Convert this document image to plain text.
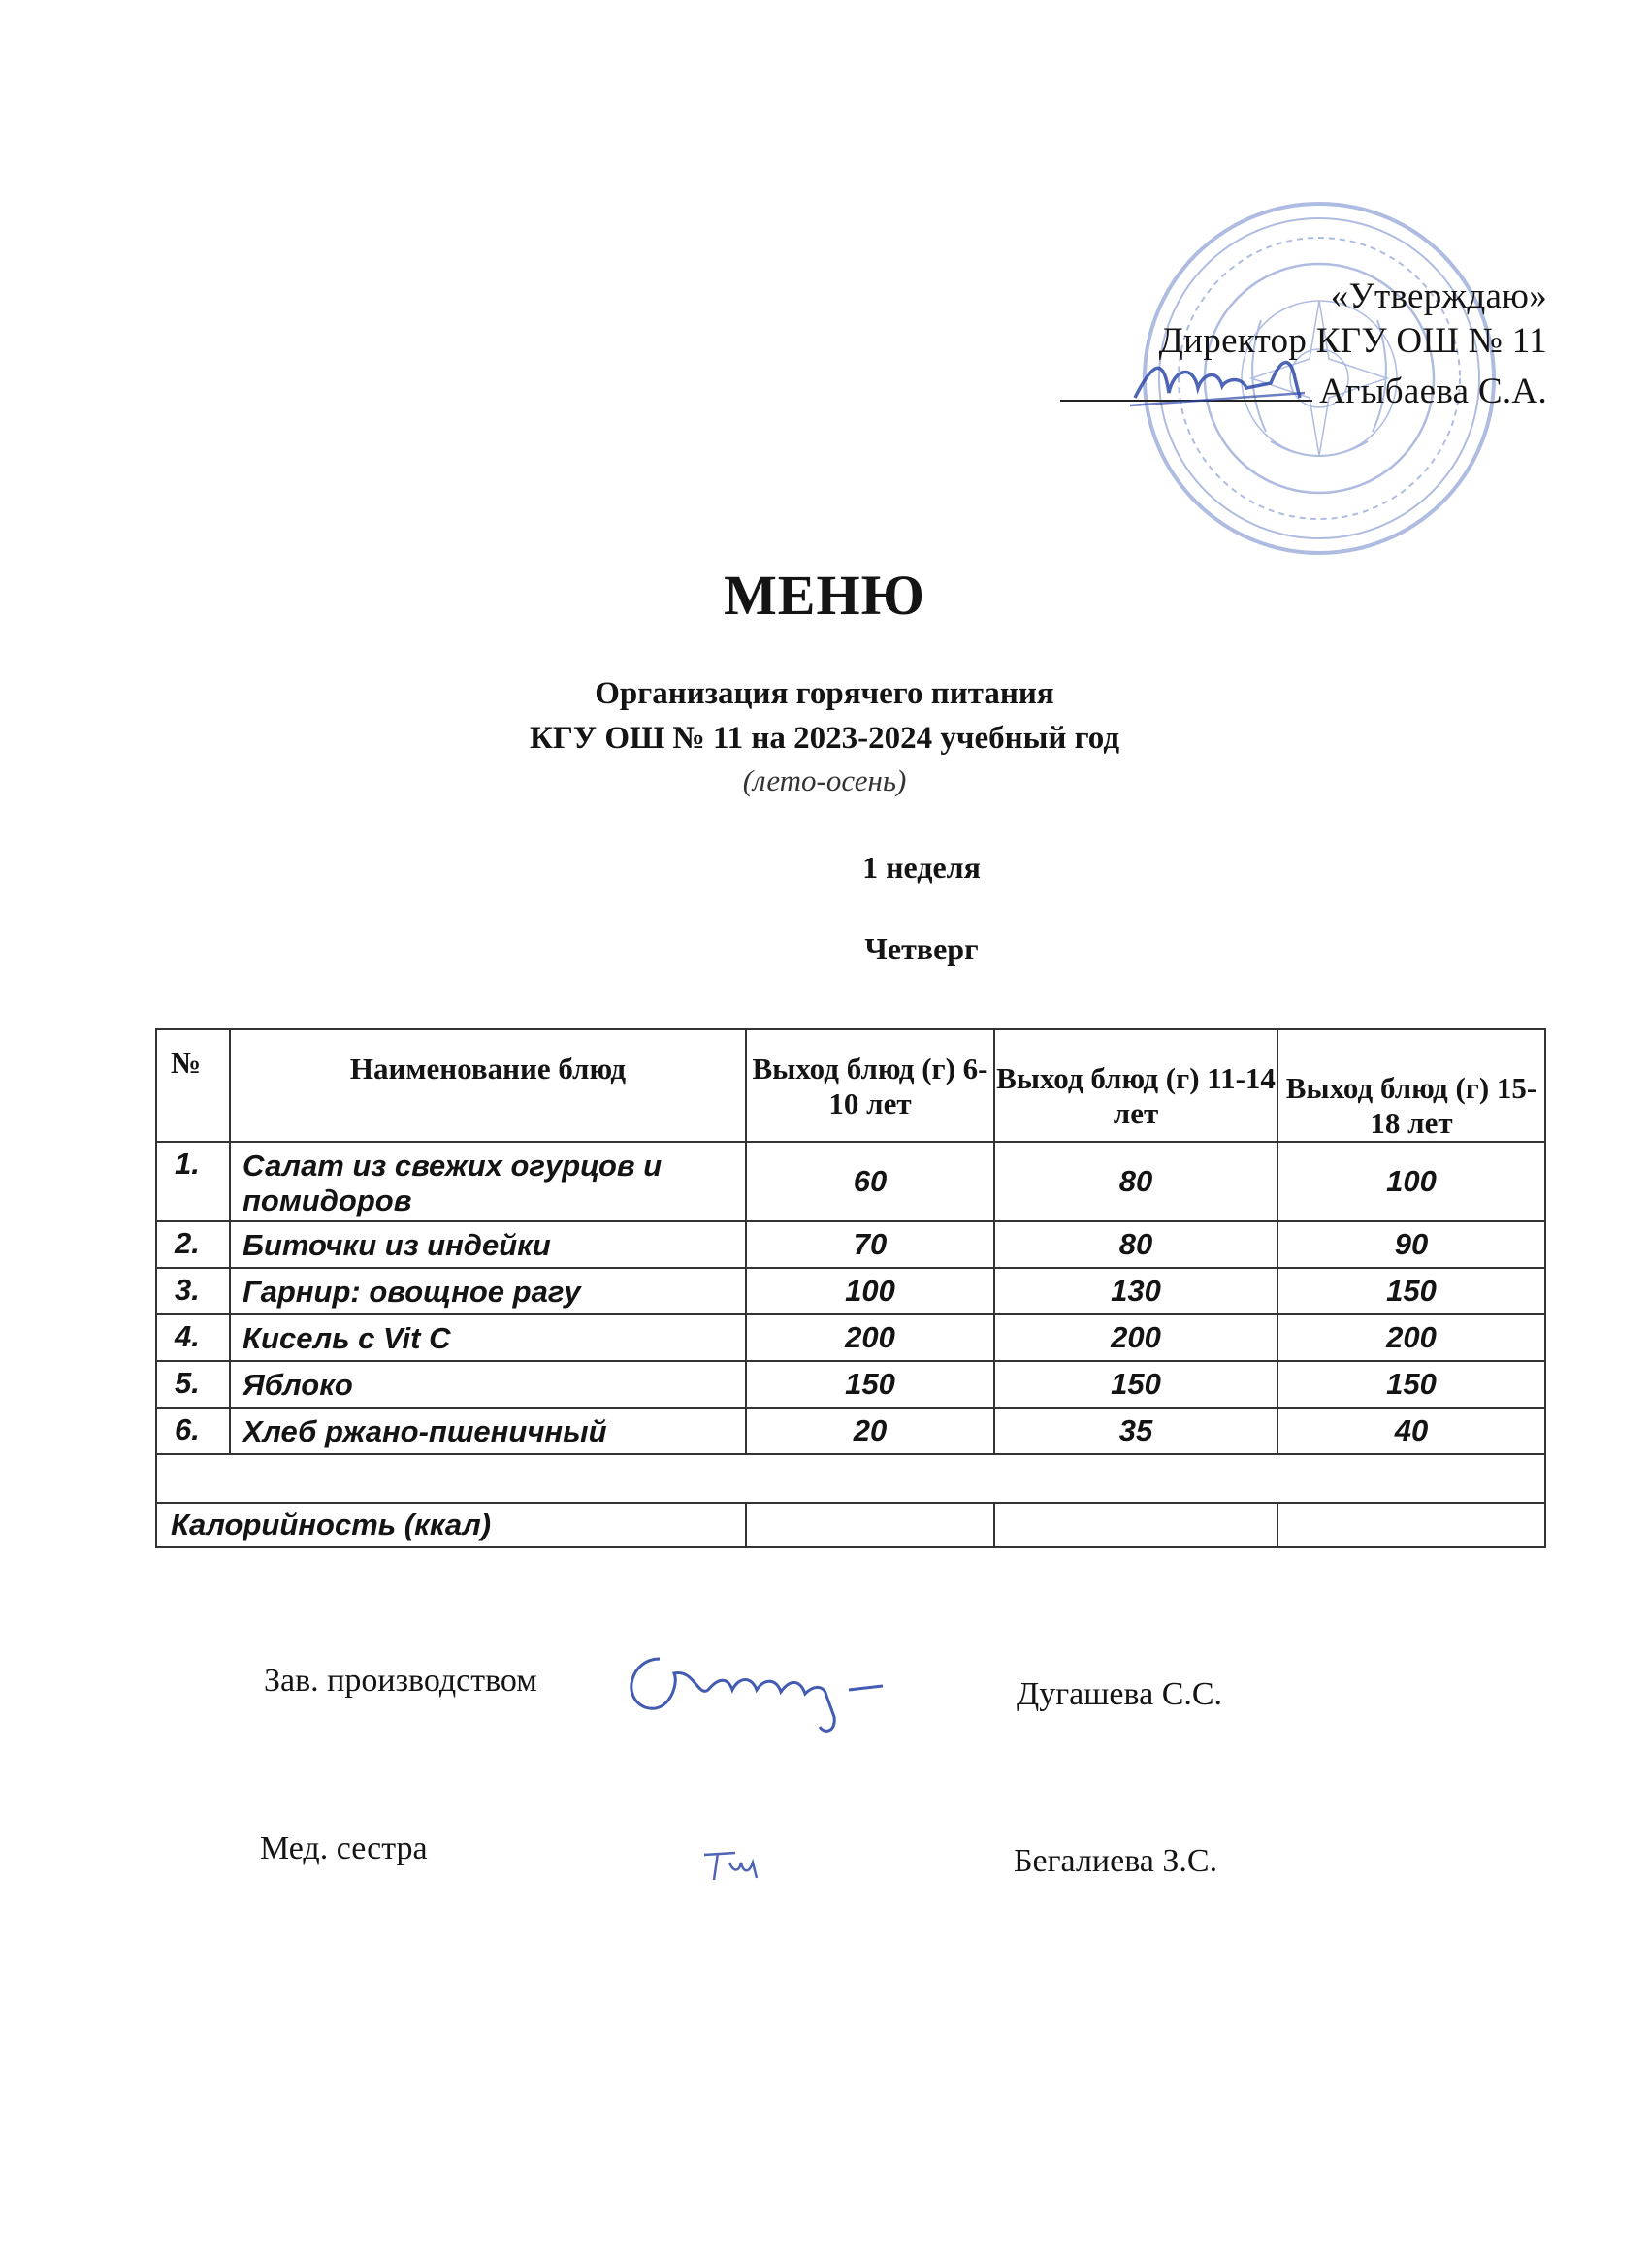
«Утверждаю»
Директор КГУ ОШ № 11
Агыбаева С.А.
МЕНЮ
Организация горячего питания
КГУ ОШ № 11 на 2023-2024 учебный год
(лето-осень)
1 неделя
Четверг
№	Наименование блюд	Выход блюд (г) 6-10 лет	Выход блюд (г) 11-14 лет	Выход блюд (г) 15-18 лет
1.	Салат из свежих огурцов и помидоров	60	80	100
2.	Биточки из индейки	70	80	90
3.	Гарнир: овощное рагу	100	130	150
4.	Кисель с Vit C	200	200	200
5.	Яблоко	150	150	150
6.	Хлеб ржано-пшеничный	20	35	40

Калорийность (ккал)				
Зав. производством	Дугашева С.С.
Мед. сестра	Бегалиева З.С.
